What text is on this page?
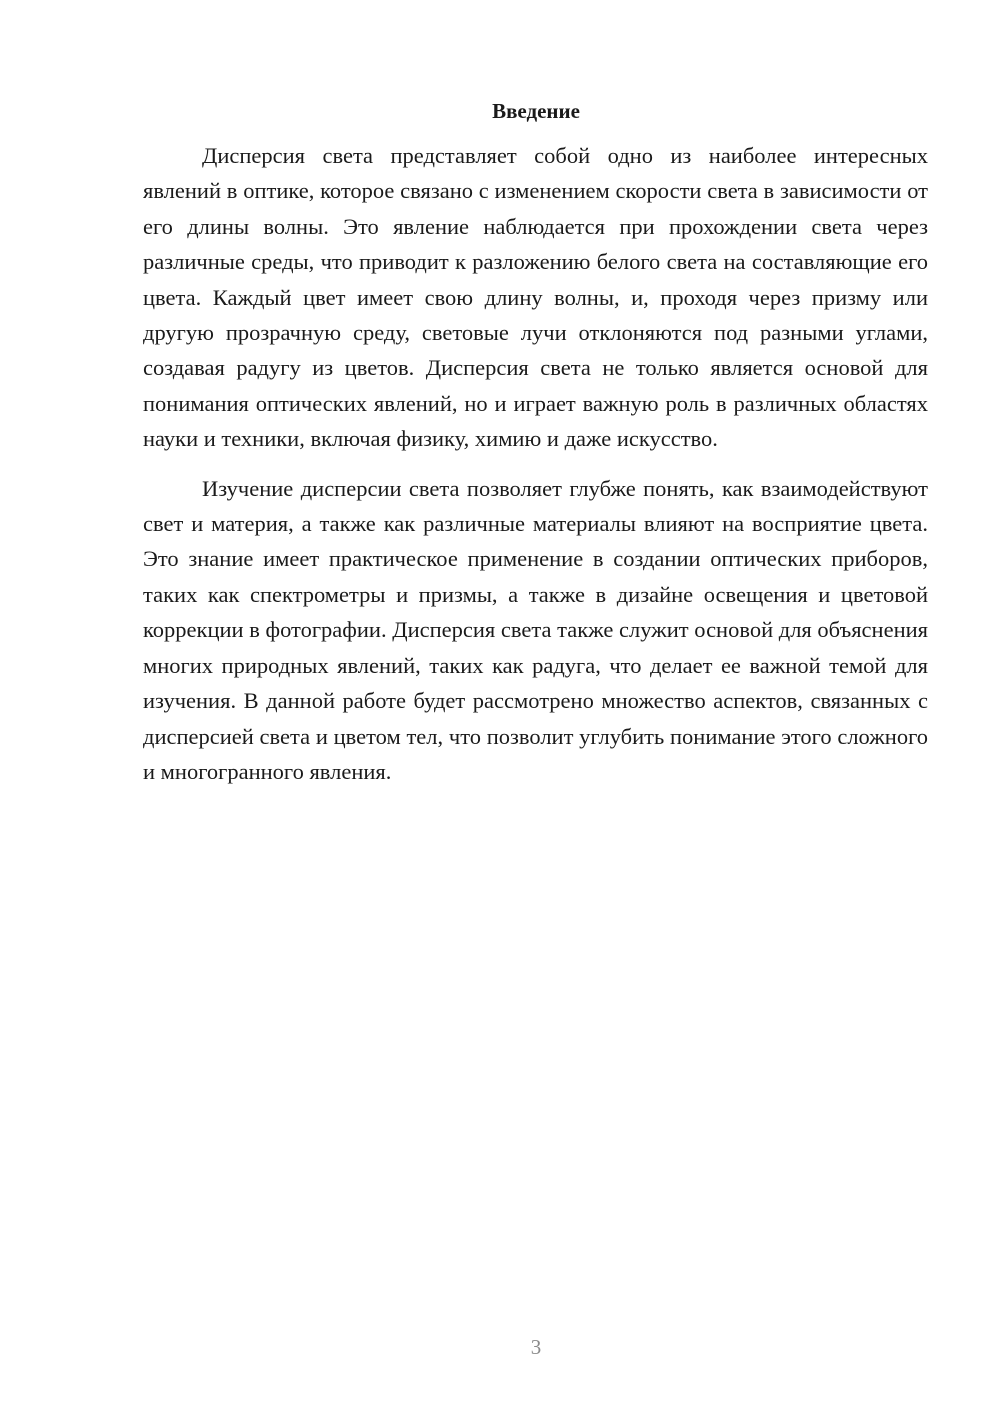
Введение

Дисперсия света представляет собой одно из наиболее интересных явлений в оптике, которое связано с изменением скорости света в зависимости от его длины волны. Это явление наблюдается при прохождении света через различные среды, что приводит к разложению белого света на составляющие его цвета. Каждый цвет имеет свою длину волны, и, проходя через призму или другую прозрачную среду, световые лучи отклоняются под разными углами, создавая радугу из цветов. Дисперсия света не только является основой для понимания оптических явлений, но и играет важную роль в различных областях науки и техники, включая физику, химию и даже искусство.

Изучение дисперсии света позволяет глубже понять, как взаимодействуют свет и материя, а также как различные материалы влияют на восприятие цвета. Это знание имеет практическое применение в создании оптических приборов, таких как спектрометры и призмы, а также в дизайне освещения и цветовой коррекции в фотографии. Дисперсия света также служит основой для объяснения многих природных явлений, таких как радуга, что делает ее важной темой для изучения. В данной работе будет рассмотрено множество аспектов, связанных с дисперсией света и цветом тел, что позволит углубить понимание этого сложного и многогранного явления.

3
